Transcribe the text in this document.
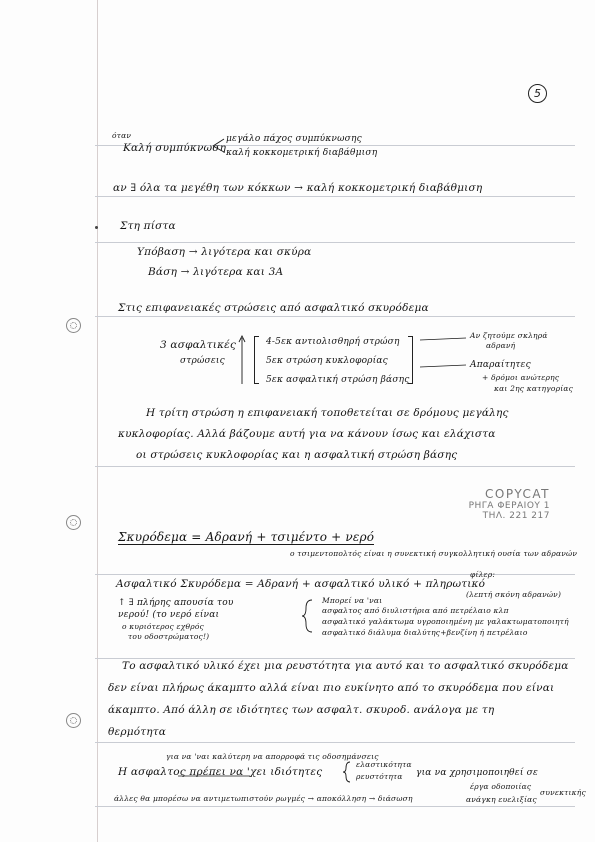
5
όταν
Καλή συμπύκνωση
μεγάλο πάχος συμπύκνωσης
καλή κοκκομετρική διαβάθμιση
αν ∃ όλα τα μεγέθη των κόκκων → καλή κοκκομετρική διαβάθμιση
Στη πίστα
Υπόβαση → λιγότερα και σκύρα
Βάση → λιγότερα και 3Α
Στις επιφανειακές στρώσεις από ασφαλτικό σκυρόδεμα
3 ασφαλτικές
στρώσεις
4-5εκ αντιολισθηρή στρώση
5εκ στρώση κυκλοφορίας
5εκ ασφαλτική στρώση βάσης
Αν ζητούμε σκληρά
αδρανή
Απαραίτητες
+ δρόμοι ανώτερης
και 2ης κατηγορίας
Η τρίτη στρώση η επιφανειακή τοποθετείται σε δρόμους μεγάλης
κυκλοφορίας. Αλλά βάζουμε αυτή για να κάνουν ίσως και ελάχιστα
οι στρώσεις κυκλοφορίας και η ασφαλτική στρώση βάσης
COPYCAT
ΡΗΓΑ ΦΕΡΑΙΟΥ 1
ΤΗΛ. 221 217
Σκυρόδεμα = Αδρανή + τσιμέντο + νερό
ο τσιμεντοπολτός είναι η συνεκτική συγκολλητική ουσία των αδρανών
Ασφαλτικό Σκυρόδεμα = Αδρανή + ασφαλτικό υλικό + πληρωτικό
φίλερ:
(λεπτή σκόνη αδρανών)
Μπορεί να 'ναι
ασφαλτος από διυλιστήρια από πετρέλαιο κλπ
ασφαλτικό γαλάκτωμα υγροποιημένη με γαλακτωματοποιητή
ασφαλτικό διάλυμα διαλύτης+βενζίνη ή πετρέλαιο
↑ ∃ πλήρης απουσία του
νερού! (το νερό είναι
ο κυριότερος εχθρός
του οδοστρώματος!)
Το ασφαλτικό υλικό έχει μια ρευστότητα για αυτό και το ασφαλτικό σκυρόδεμα
δεν είναι πλήρως άκαμπτο αλλά είναι πιο ευκίνητο από το σκυρόδεμα που είναι
άκαμπτο. Από άλλη σε ιδιότητες των ασφαλτ. σκυροδ. ανάλογα με τη
θερμότητα
για να 'ναι καλύτερη να απορροφά τις οδοσημάνσεις
Η ασφαλτος πρέπει να 'χει ιδιότητες
ελαστικότητα
ρευστότητα για να χρησιμοποιηθεί σε
άλλες θα μπορέσω να αντιμετωπιστούν ρωγμές → αποκόλληση → διάσωση
έργα οδοποιίας
ανάγκη ευελιξίας
συνεκτικής
